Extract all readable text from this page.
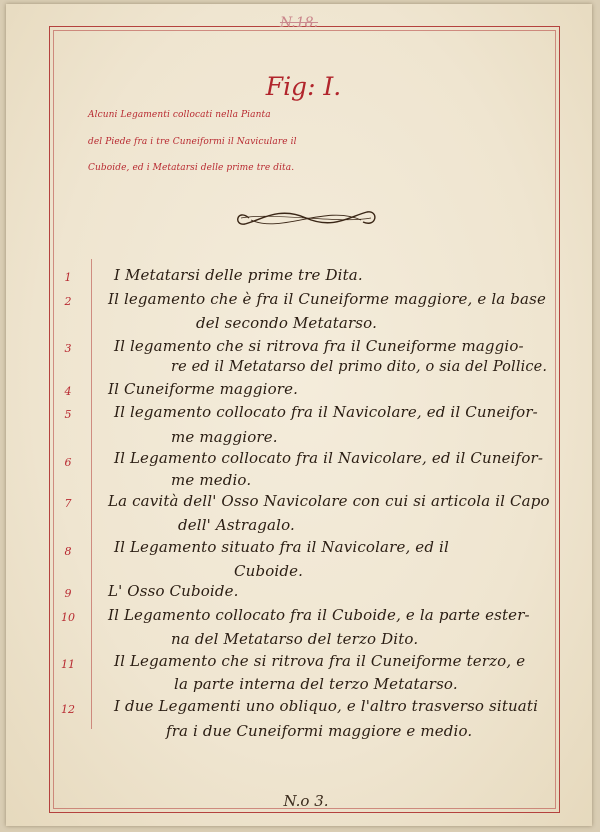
N.18.
Fig: I.
Alcuni Legamenti collocati nella Pianta
del Piede fra i tre Cuneiformi il Naviculare il
Cuboide, ed i Metatarsi delle prime tre dita.
1	I Metatarsi delle prime tre Dita.
2	Il legamento che è fra il Cuneiforme maggiore, e la base
del secondo Metatarso.
3	Il legamento che si ritrova fra il Cuneiforme maggio-
re ed il Metatarso del primo dito, o sia del Pollice.
4	Il Cuneiforme maggiore.
5	Il legamento collocato fra il Navicolare, ed il Cuneifor-
me maggiore.
6	Il Legamento collocato fra il Navicolare, ed il Cuneifor-
me medio.
7	La cavità dell' Osso Navicolare con cui si articola il Capo
dell' Astragalo.
8	Il Legamento situato fra il Navicolare, ed il
Cuboide.
9	L' Osso Cuboide.
10	Il Legamento collocato fra il Cuboide, e la parte ester-
na del Metatarso del terzo Dito.
11	Il Legamento che si ritrova fra il Cuneiforme terzo, e
la parte interna del terzo Metatarso.
12	I due Legamenti uno obliquo, e l'altro trasverso situati
fra i due Cuneiformi maggiore e medio.
N.o 3.
